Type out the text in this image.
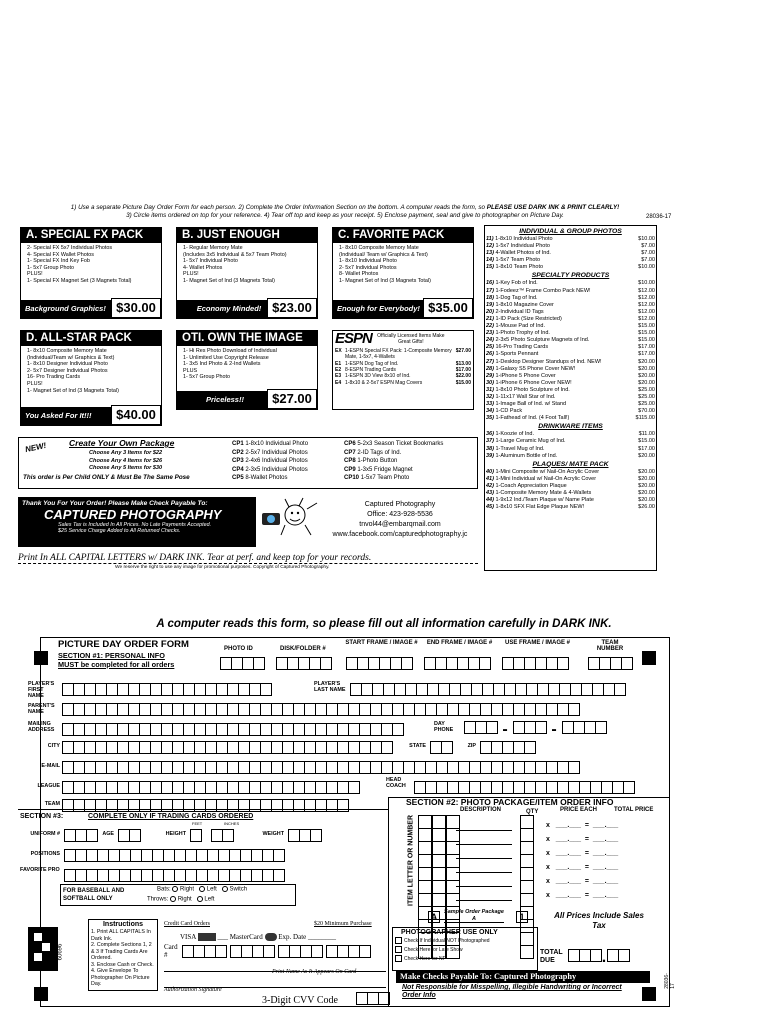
1) Use a separate Picture Day Order Form for each person. 2) Complete the Order Information Section on the bottom. A computer reads the form, so PLEASE USE DARK INK & PRINT CLEARLY!
3) Circle items ordered on top for your reference. 4) Tear off top and keep as your receipt. 5) Enclose payment, seal and give to photographer on Picture Day.	28036-17
A. SPECIAL FX PACK
2- Special FX 5x7 Individual Photos
4- Special FX Wallet Photos
1- Special FX Ind Key Fob
1- 5x7 Group Photo
PLUS!
1- Special FX Magnet Set (3 Magnets Total)
Background Graphics! $30.00
B. JUST ENOUGH
1- Regular Memory Mate
(Includes 3x5 Individual & 5x7 Team Photo)
1- 5x7 Individual Photo
4- Wallet Photos
PLUS!
1- Magnet Set of Ind (3 Magnets Total)
Economy Minded! $23.00
C. FAVORITE PACK
1- 8x10 Composite Memory Mate
(Individual/ Team w/ Graphics & Text)
1- 8x10 Individual Photo
2- 5x7 Individual Photos
8- Wallet Photos
1- Magnet Set of Ind (3 Magnets Total)
Enough for Everybody! $35.00
D. ALL-STAR PACK
1- 8x10 Composite Memory Mate
(Individual/Team w/ Graphics & Text)
1- 8x10 Designer Individual Photo
2- 5x7 Designer Individual Photos
16- Pro Trading Cards
PLUS!
1- Magnet Set of Ind (3 Magnets Total)
You Asked For It!!!	$40.00
OTI. OWN THE IMAGE
1- Hi Res Photo Download of Individual
1- Unlimited Use Copyright Release
1- 3x5 Ind Photo & 2-Ind Wallets
PLUS
1- 5x7 Group Photo
Priceless!!	$27.00
ESPN Officially Licensed Items Make Great Gifts!
EX 1-ESPN Special FX Pack: 1-Composite Memory Mate, 1-5x7, 4-Wallets
$27.00
E1 1-ESPN Dog Tag of Ind.	$13.00
E2 8-ESPN Trading Cards	$17.00
E3 1-ESPN 3D View 8x10 of Ind.	$22.00
E4 1-8x10 & 2-5x7 ESPN Mag Covers	$15.00
NEW!	Create Your Own Package
Choose Any 3 Items for $22
Choose Any 4 Items for $26
Choose Any 5 Items for $30
This order is Per Child ONLY & Must Be The Same Pose
CP1 1-8x10 Individual Photo
CP2 2-5x7 Individual Photos
CP3 2-4x6 Individual Photos
CP4 2-3x5 Individual Photos
CP5 8-Wallet Photos
CP6 5-2x3 Season Ticket Bookmarks
CP7 2-ID Tags of Ind.
CP8 1-Photo Button
CP9 1-3x5 Fridge Magnet
CP10 1-5x7 Team Photo
Thank You For Your Order! Please Make Check Payable To:
CAPTURED PHOTOGRAPHY
Sales Tax is Included In All Prices. No Late Payments Accepted.
$25 Service Charge Added to All Returned Checks.
Captured Photography
Office: 423-928-5536
tnvol44@embarqmail.com
www.facebook.com/capturedphotography.jc
Print In ALL CAPITAL LETTERS w/ DARK INK. Tear at perf. and keep top for your records.
We reserve the right to use any image for promotional purposes. Copyright of Captured Photography.
INDIVIDUAL & GROUP PHOTOS
11) 1-8x10 Individual Photo	$10.00
12) 1-5x7 Individual Photo	$7.00
13) 4-Wallet Photos of Ind.	$7.00
14) 1-5x7 Team Photo	$7.00
15) 1-8x10 Team Photo	$10.00
SPECIALTY PRODUCTS
16) 1-Key Fob of Ind.	$10.00
17) 1-Fodeez™ Frame Combo Pack NEW!	$12.00
18) 1-Dog Tag of Ind.	$12.00
19) 1-8x10 Magazine Cover	$12.00
20) 2-Individual ID Tags	$12.00
21) 1-ID Pack (Size Restricted)	$12.00
22) 1-Mouse Pad of Ind.	$15.00
23) 1-Photo Trophy of Ind.	$15.00
24) 2-3x5 Photo Sculpture Magnets of Ind.	$15.00
25) 16-Pro Trading Cards	$17.00
26) 1-Sports Pennant	$17.00
27) 1-Desktop Designer Standups of Ind. NEW!	$20.00
28) 1-Galaxy S5 Phone Cover NEW!	$20.00
29) 1-iPhone 5 Phone Cover	$20.00
30) 1-iPhone 6 Phone Cover NEW!	$20.00
31) 1-8x10 Photo Sculpture of Ind.	$25.00
32) 1-11x17 Wall Star of Ind.	$25.00
33) 1-Image Ball of Ind. w/ Stand	$25.00
34) 1-CD Pack	$70.00
35) 1-Fathead of Ind. (4 Foot Tall!)	$115.00
DRINKWARE ITEMS
36) 1-Koozie of Ind.	$11.00
37) 1-Large Ceramic Mug of Ind.	$15.00
38) 1-Travel Mug of Ind.	$17.00
39) 1-Aluminum Bottle of Ind.	$20.00
PLAQUES/ MATE PACK
40) 1-Mini Composite w/ Nail-On Acrylic Cover	$20.00
41) 1-Mini Individual w/ Nail-On Acrylic Cover	$20.00
42) 1-Coach Appreciation Plaque	$20.00
43) 1-Composite Memory Mate & 4-Wallets	$20.00
44) 1-9x12 Ind./Team Plaque w/ Name Plate	$20.00
45) 1-8x10 SFX Flat Edge Plaque NEW!	$26.00
A computer reads this form, so please fill out all information carefully in DARK INK.
PICTURE DAY ORDER FORM
SECTION #1: PERSONAL INFO
MUST be completed for all orders
PHOTO ID	DISK/FOLDER #
START FRAME / IMAGE #	END FRAME / IMAGE #	USE FRAME / IMAGE #	TEAM NUMBER
PLAYER'S FIRST NAME
PLAYER'S LAST NAME
PARENT'S NAME
MAILING ADDRESS
DAY PHONE	-	-
CITY	STATE	ZIP
E-MAIL
LEAGUE
HEAD COACH
TEAM
SECTION #3:	COMPLETE ONLY IF TRADING CARDS ORDERED
UNIFORM #	AGE	HEIGHT
FEET	INCHES
WEIGHT
POSITIONS
FAVORITE PRO
FOR BASEBALL AND SOFTBALL ONLY
Bats: Right Left Switch
Throws: Right Left
SECTION #2: PHOTO PACKAGE/ITEM ORDER INFO
DESCRIPTION	QTY	PRICE EACH	TOTAL PRICE
ITEM LETTER OR NUMBER	x   ___.___  =  ___.___
x   ___.___  =  ___.___
x   ___.___  =  ___.___
x   ___.___  =  ___.___
x   ___.___  =  ___.___
x   ___.___  =  ___.___
A	Sample Order Package A	1	All Prices Include Sales Tax
PHOTOGRAPHER USE ONLY
Check If Individual NOT Photographed
Check Here for Late Show
Check Here for NP
TOTAL DUE	.
Make Checks Payable To: Captured Photography
Not Responsible for Misspelling, Illegible Handwriting or Incorrect Order Info
60696
Instructions
1. Print ALL CAPITALS In Dark Ink.
2. Complete Sections 1, 2 & 3 If Trading Cards Are Ordered.
3. Enclose Cash or Check.
4. Give Envelope To Photographer On Picture Day.
Credit Card Orders	$20 Minimum Purchase
VISA	___ MasterCard Exp. Date ________
Card #
Print Name As It Appears On Card
Authorization Signature
3-Digit CVV Code
28036-17
